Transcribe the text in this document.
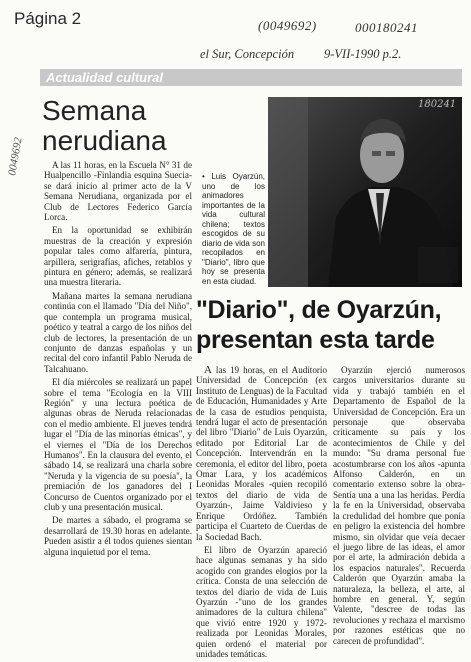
Página 2	(0049692)	000180241
el Sur, Concepción 9-VII-1990 p.2.
0049692
Actualidad cultural
Semana
nerudiana

A las 11 horas, en la Escuela N° 31 de Hualpencillo -Finlandia esquina Suecia- se dará inicio al primer acto de la V Semana Nerudiana, organizada por el Club de Lectores Federico García Lorca.

En la oportunidad se exhibirán muestras de la creación y expresión popular tales como alfarería, pintura, arpillera, serigrafías, afiches, retablos y pintura en género; además, se realizará una muestra literaria.

Mañana martes la semana nerudiana continúa con el llamado "Día del Niño", que contempla un programa musical, poético y teatral a cargo de los niños del club de lectores, la presentación de un conjunto de danzas españolas y un recital del coro infantil Pablo Neruda de Talcahuano.

El día miércoles se realizará un papel sobre el tema "Ecología en la VIII Región" y una lectura poética de algunas obras de Neruda relacionadas con el medio ambiente. El jueves tendrá lugar el "Día de las minorías étnicas", y el viernes el "Día de los Derechos Humanos". En la clausura del evento, el sábado 14, se realizará una charla sobre "Neruda y la vigencia de su poesía", la premiación de los ganadores del I Concurso de Cuentos organizado por el club y una presentación musical.

De martes a sábado, el programa se desarrollará de 19.30 horas en adelante. Pueden asistir a él todos quienes sientan alguna inquietud por el tema.

• Luis Oyarzún, uno de los animadores importantes de la vida cultural chilena; textos escogidos de su diario de vida son recopilados en "Diario", libro que hoy se presenta en esta ciudad.
180241
"Diario", de Oyarzún,
presentan esta tarde

A las 19 horas, en el Auditorio Universidad de Concepción (ex Instituto de Lenguas) de la Facultad de Educación, Humanidades y Arte de la casa de estudios penquista, tendrá lugar el acto de presentación del libro "Diario" de Luis Oyarzún, editado por Editorial Lar de Concepción. Intervendrán en la ceremonia, el editor del libro, poeta Omar Lara, y los académicos Leonidas Morales -quien recopiló textos del diario de vida de Oyarzún-, Jaime Valdivieso y Enrique Ordóñez. También participa el Cuarteto de Cuerdas de la Sociedad Bach.

El libro de Oyarzún apareció hace algunas semanas y ha sido acogido con grandes elogios por la crítica. Consta de una selección de textos del diario de vida de Luis Oyarzún -"uno de los grandes animadores de la cultura chilena" que vivió entre 1920 y 1972- realizada por Leonidas Morales, quien ordenó el material por unidades temáticas.

Oyarzún ejerció numerosos cargos universitarios durante su vida y trabajó también en el Departamento de Español de la Universidad de Concepción. Era un personaje que observaba críticamente su país y los acontecimientos de Chile y del mundo: "Su drama personal fue acostumbrarse con los años -apunta Alfonso Calderón, en un comentario extenso sobre la obra- Sentía una a una las heridas. Perdía la fe en la Universidad, observaba la credulidad del hombre que ponía en peligro la existencia del hombre mismo, sin olvidar que veía decaer el juego libre de las ideas, el amor por el arte, la admiración debida a los espacios naturales". Recuerda Calderón que Oyarzún amaba la naturaleza, la belleza, el arte, al hombre en general. Y, según Valente, "descree de todas las revoluciones y rechaza el marxismo por razones estéticas que no carecen de profundidad".
